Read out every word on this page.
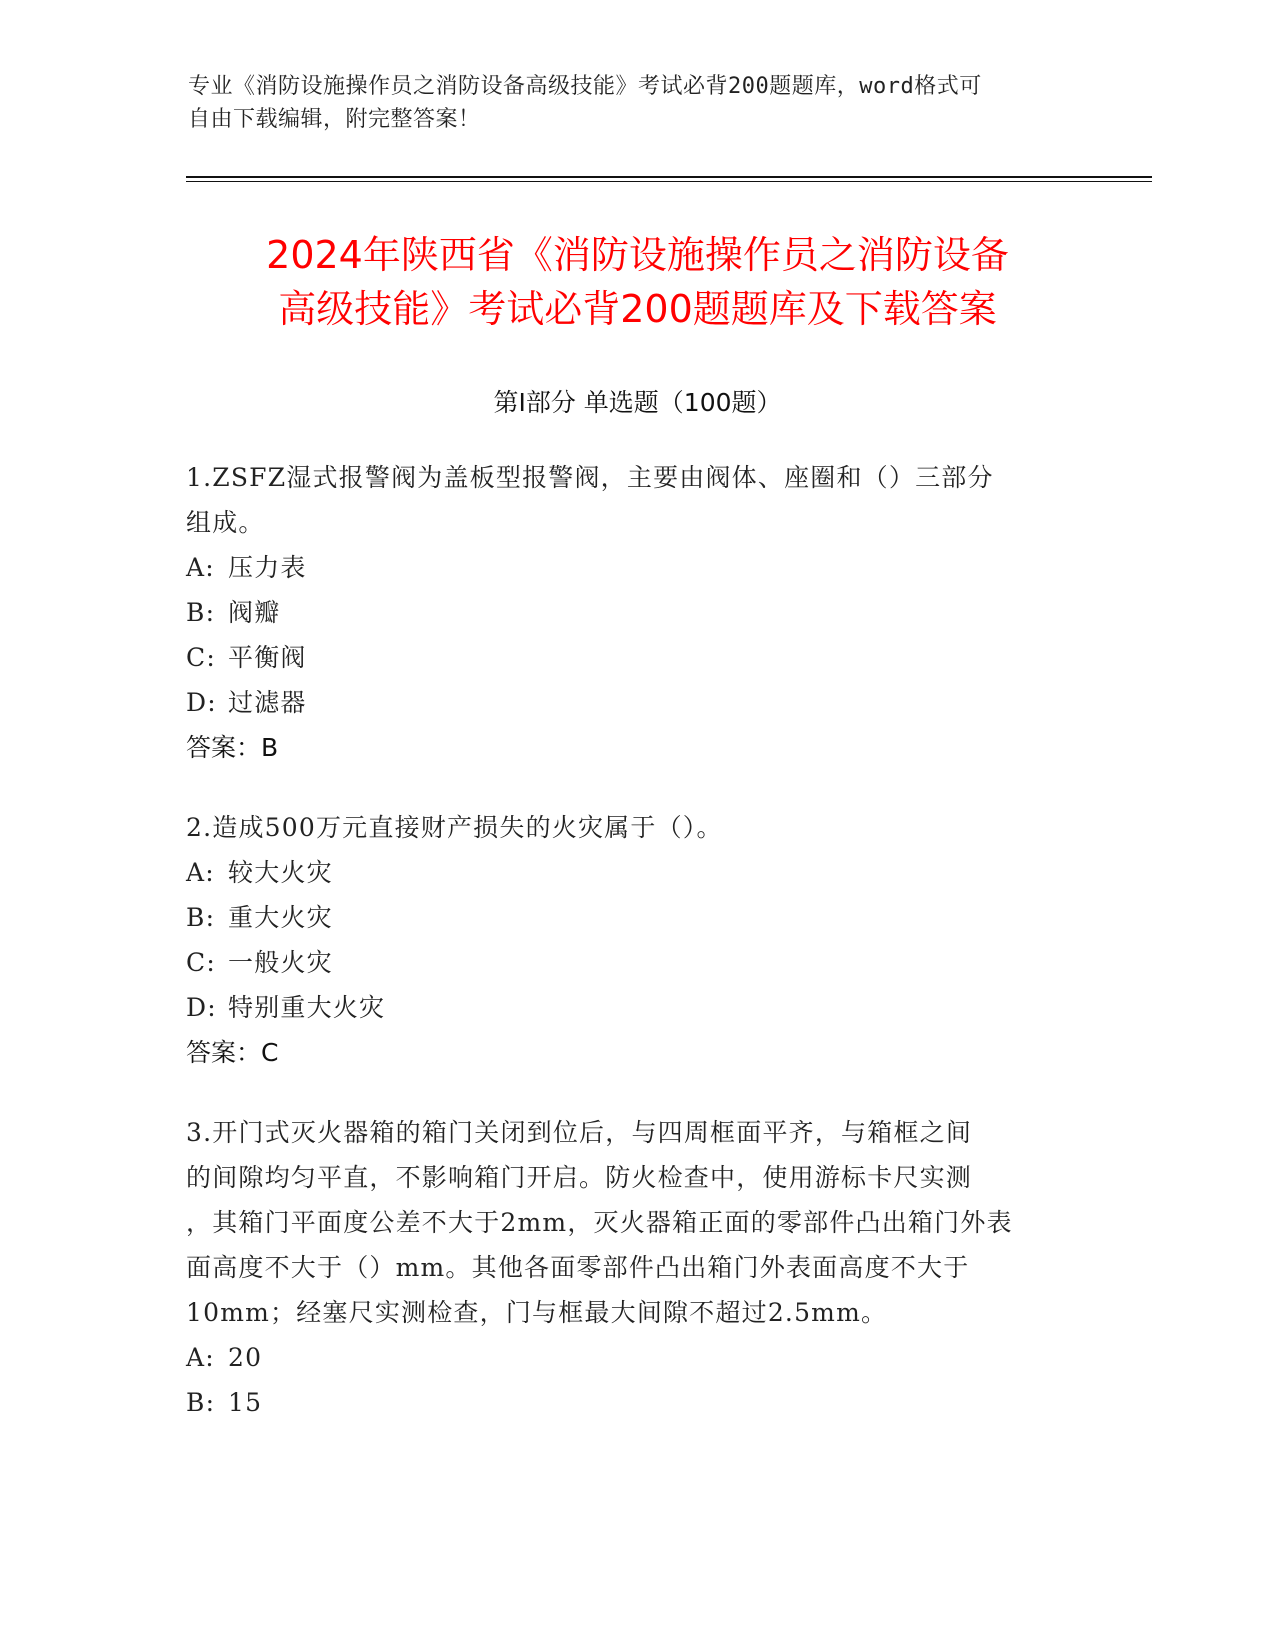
专业《消防设施操作员之消防设备高级技能》考试必背200题题库，word格式可
自由下载编辑，附完整答案！
2024年陕西省《消防设施操作员之消防设备
高级技能》考试必背200题题库及下载答案
第Ⅰ部分 单选题（100题）

1.ZSFZ湿式报警阀为盖板型报警阀，主要由阀体、座圈和（）三部分
组成。

A: 压力表
B: 阀瓣
C: 平衡阀
D: 过滤器
答案：B

2.造成500万元直接财产损失的火灾属于（）。

A: 较大火灾
B: 重大火灾
C: 一般火灾
D: 特别重大火灾
答案：C

3.开门式灭火器箱的箱门关闭到位后，与四周框面平齐，与箱框之间
的间隙均匀平直，不影响箱门开启。防火检查中，使用游标卡尺实测
，其箱门平面度公差不大于2mm，灭火器箱正面的零部件凸出箱门外表
面高度不大于（）mm。其他各面零部件凸出箱门外表面高度不大于
10mm；经塞尺实测检查，门与框最大间隙不超过2.5mm。

A: 20
B: 15
